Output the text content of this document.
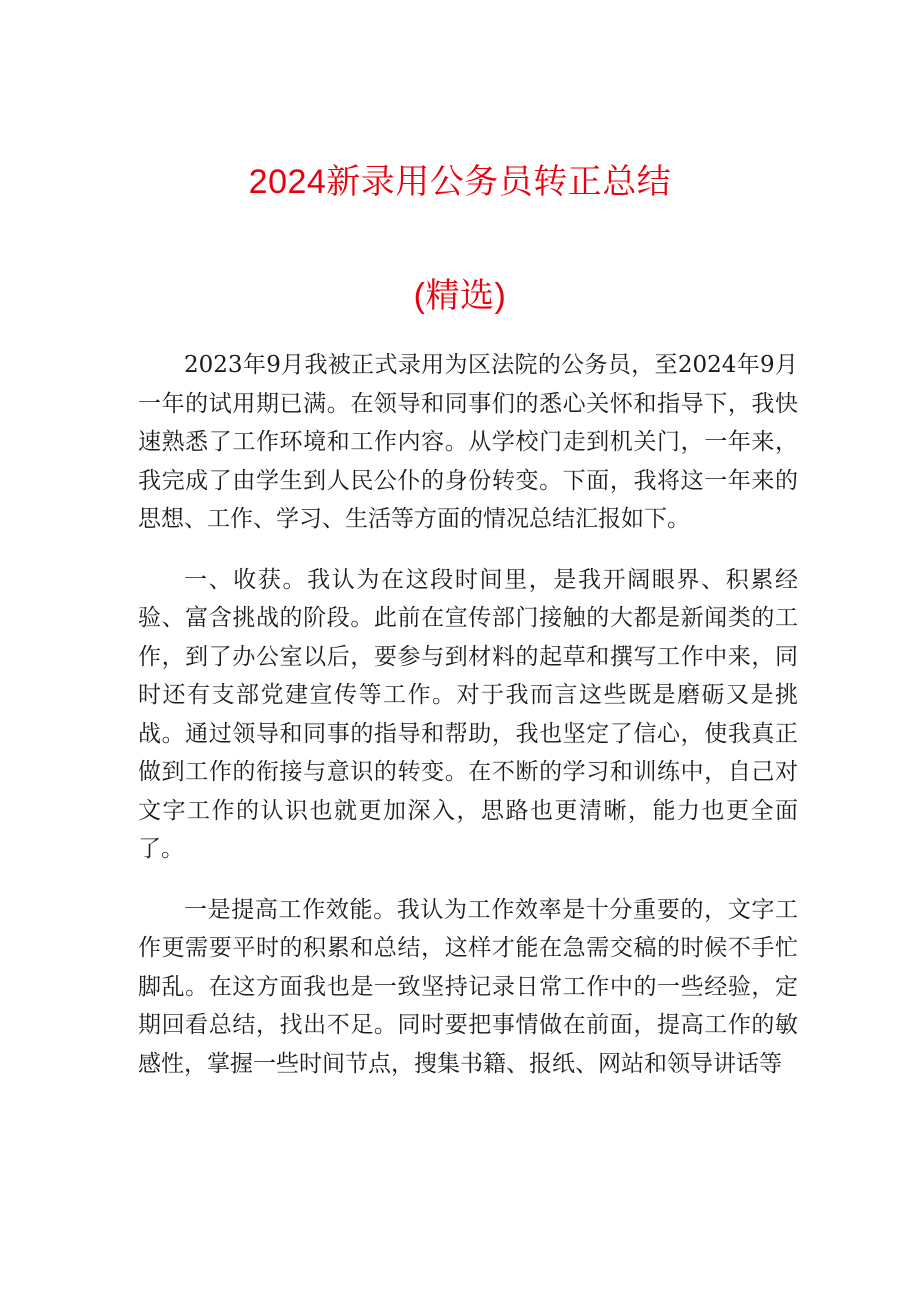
2024新录用公务员转正总结
(精选)

2023年9月我被正式录用为区法院的公务员，至2024年9月一年的试用期已满。在领导和同事们的悉心关怀和指导下，我快速熟悉了工作环境和工作内容。从学校门走到机关门，一年来，我完成了由学生到人民公仆的身份转变。下面，我将这一年来的思想、工作、学习、生活等方面的情况总结汇报如下。

一、收获。我认为在这段时间里，是我开阔眼界、积累经验、富含挑战的阶段。此前在宣传部门接触的大都是新闻类的工作，到了办公室以后，要参与到材料的起草和撰写工作中来，同时还有支部党建宣传等工作。对于我而言这些既是磨砺又是挑战。通过领导和同事的指导和帮助，我也坚定了信心，使我真正做到工作的衔接与意识的转变。在不断的学习和训练中，自己对文字工作的认识也就更加深入，思路也更清晰，能力也更全面了。

一是提高工作效能。我认为工作效率是十分重要的，文字工作更需要平时的积累和总结，这样才能在急需交稿的时候不手忙脚乱。在这方面我也是一致坚持记录日常工作中的一些经验，定期回看总结，找出不足。同时要把事情做在前面，提高工作的敏感性，掌握一些时间节点，搜集书籍、报纸、网站和领导讲话等
